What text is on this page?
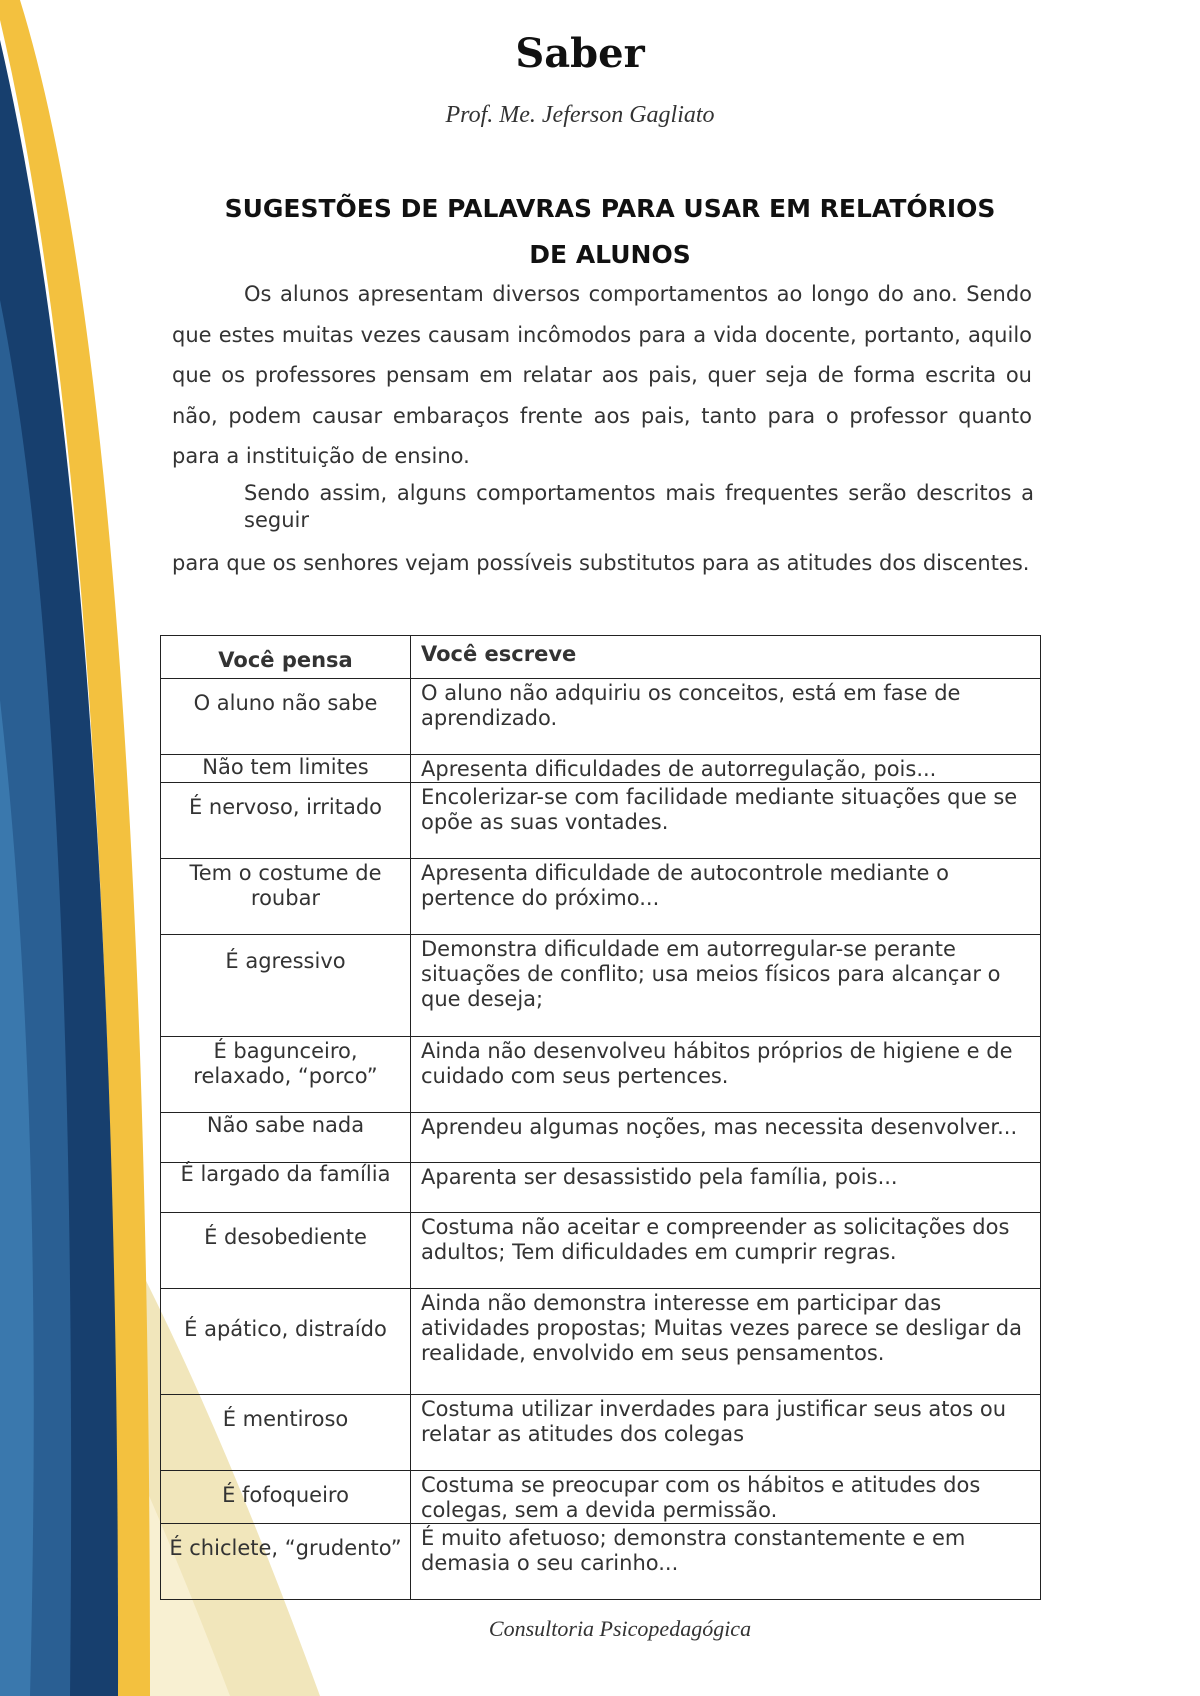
Saber
Prof. Me. Jeferson Gagliato
SUGESTÕES DE PALAVRAS PARA USAR EM RELATÓRIOS DE ALUNOS

Os alunos apresentam diversos comportamentos ao longo do ano. Sendo que estes muitas vezes causam incômodos para a vida docente, portanto, aquilo que os professores pensam em relatar aos pais, quer seja de forma escrita ou não, podem causar embaraços frente aos pais, tanto para o professor quanto para a instituição de ensino.

Sendo assim, alguns comportamentos mais frequentes serão descritos a seguir

para que os senhores vejam possíveis substitutos para as atitudes dos discentes.

Você pensa	Você escreve
O aluno não sabe	O aluno não adquiriu os conceitos, está em fase de aprendizado.
Não tem limites	Apresenta dificuldades de autorregulação, pois...
É nervoso, irritado	Encolerizar-se com facilidade mediante situações que se opõe as suas vontades.
Tem o costume de roubar	Apresenta dificuldade de autocontrole mediante o pertence do próximo...
É agressivo	Demonstra dificuldade em autorregular-se perante situações de conflito; usa meios físicos para alcançar o que deseja;
É bagunceiro, relaxado, “porco”	Ainda não desenvolveu hábitos próprios de higiene e de cuidado com seus pertences.
Não sabe nada	Aprendeu algumas noções, mas necessita desenvolver...
É largado da família	Aparenta ser desassistido pela família, pois...
É desobediente	Costuma não aceitar e compreender as solicitações dos adultos; Tem dificuldades em cumprir regras.
É apático, distraído	Ainda não demonstra interesse em participar das atividades propostas; Muitas vezes parece se desligar da realidade, envolvido em seus pensamentos.
É mentiroso	Costuma utilizar inverdades para justificar seus atos ou relatar as atitudes dos colegas
É fofoqueiro	Costuma se preocupar com os hábitos e atitudes dos colegas, sem a devida permissão.
É chiclete, “grudento”	É muito afetuoso; demonstra constantemente e em demasia o seu carinho...
Consultoria Psicopedagógica
